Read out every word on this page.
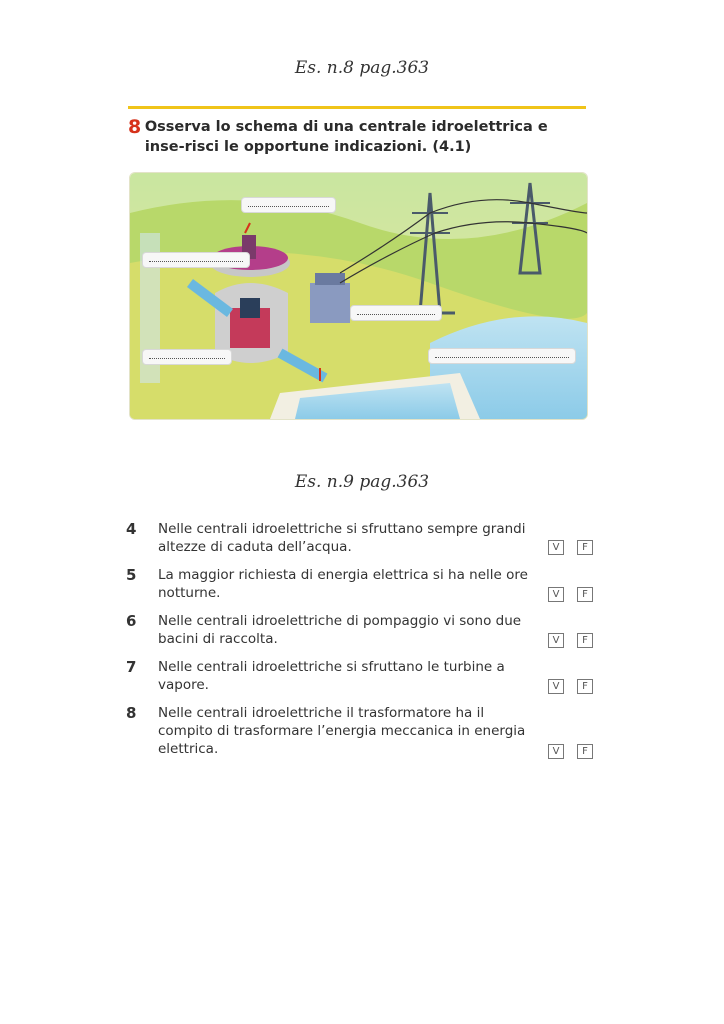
Es. n.8 pag.363
8 Osserva lo schema di una centrale idroelettrica e inse-risci le opportune indicazioni. (4.1)
Es. n.9 pag.363
4 Nelle centrali idroelettriche si sfruttano sempre grandi altezze di caduta dell’acqua.	V	F
5 La maggior richiesta di energia elettrica si ha nelle ore notturne.	V	F
6 Nelle centrali idroelettriche di pompaggio vi sono due bacini di raccolta.	V	F
7 Nelle centrali idroelettriche si sfruttano le turbine a vapore.	V	F
8 Nelle centrali idroelettriche il trasformatore ha il compito di trasformare l’energia meccanica in energia elettrica.	V	F
